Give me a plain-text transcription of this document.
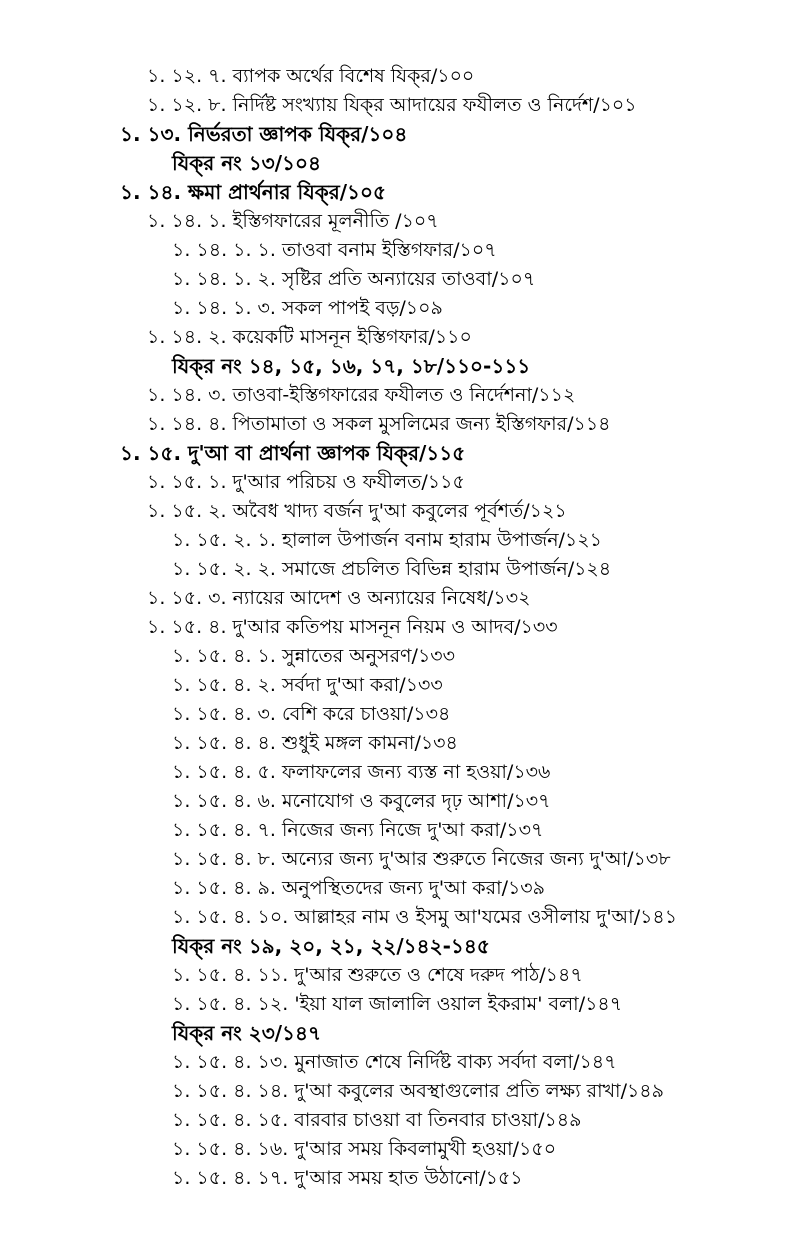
১. ১২. ৭. ব্যাপক অর্থের বিশেষ যিক্‌র/১০০
১. ১২. ৮. নির্দিষ্ট সংখ্যায় যিক্‌র আদায়ের ফযীলত ও নির্দেশ/১০১
১. ১৩. নির্ভরতা জ্ঞাপক যিক্‌র/১০৪
যিক্‌র নং ১৩/১০৪
১. ১৪. ক্ষমা প্রার্থনার যিক্‌র/১০৫
১. ১৪. ১. ইস্তিগফারের মূলনীতি /১০৭
১. ১৪. ১. ১. তাওবা বনাম ইস্তিগফার/১০৭
১. ১৪. ১. ২. সৃষ্টির প্রতি অন্যায়ের তাওবা/১০৭
১. ১৪. ১. ৩. সকল পাপই বড়/১০৯
১. ১৪. ২. কয়েকটি মাসনূন ইস্তিগফার/১১০
যিক্‌র নং ১৪, ১৫, ১৬, ১৭, ১৮/১১০-১১১
১. ১৪. ৩. তাওবা-ইস্তিগফারের ফযীলত ও নির্দেশনা/১১২
১. ১৪. ৪. পিতামাতা ও সকল মুসলিমের জন্য ইস্তিগফার/১১৪
১. ১৫. দু'আ বা প্রার্থনা জ্ঞাপক যিক্‌র/১১৫
১. ১৫. ১. দু'আর পরিচয় ও ফযীলত/১১৫
১. ১৫. ২. অবৈধ খাদ্য বর্জন দু'আ কবুলের পূর্বশর্ত/১২১
১. ১৫. ২. ১. হালাল উপার্জন বনাম হারাম উপার্জন/১২১
১. ১৫. ২. ২. সমাজে প্রচলিত বিভিন্ন হারাম উপার্জন/১২৪
১. ১৫. ৩. ন্যায়ের আদেশ ও অন্যায়ের নিষেধ/১৩২
১. ১৫. ৪. দু'আর কতিপয় মাসনূন নিয়ম ও আদব/১৩৩
১. ১৫. ৪. ১. সুন্নাতের অনুসরণ/১৩৩
১. ১৫. ৪. ২. সর্বদা দু'আ করা/১৩৩
১. ১৫. ৪. ৩. বেশি করে চাওয়া/১৩৪
১. ১৫. ৪. ৪. শুধুই মঙ্গল কামনা/১৩৪
১. ১৫. ৪. ৫. ফলাফলের জন্য ব্যস্ত না হওয়া/১৩৬
১. ১৫. ৪. ৬. মনোযোগ ও কবুলের দৃঢ় আশা/১৩৭
১. ১৫. ৪. ৭. নিজের জন্য নিজে দু'আ করা/১৩৭
১. ১৫. ৪. ৮. অন্যের জন্য দু'আর শুরুতে নিজের জন্য দু'আ/১৩৮
১. ১৫. ৪. ৯. অনুপস্থিতদের জন্য দু'আ করা/১৩৯
১. ১৫. ৪. ১০. আল্লাহর নাম ও ইসমু আ'যমের ওসীলায় দু'আ/১৪১
যিক্‌র নং ১৯, ২০, ২১, ২২/১৪২-১৪৫
১. ১৫. ৪. ১১. দু'আর শুরুতে ও শেষে দরুদ পাঠ/১৪৭
১. ১৫. ৪. ১২. 'ইয়া যাল জালালি ওয়াল ইকরাম' বলা/১৪৭
যিক্‌র নং ২৩/১৪৭
১. ১৫. ৪. ১৩. মুনাজাত শেষে নির্দিষ্ট বাক্য সর্বদা বলা/১৪৭
১. ১৫. ৪. ১৪. দু'আ কবুলের অবস্থাগুলোর প্রতি লক্ষ্য রাখা/১৪৯
১. ১৫. ৪. ১৫. বারবার চাওয়া বা তিনবার চাওয়া/১৪৯
১. ১৫. ৪. ১৬. দু'আর সময় কিবলামুখী হওয়া/১৫০
১. ১৫. ৪. ১৭. দু'আর সময় হাত উঠানো/১৫১
